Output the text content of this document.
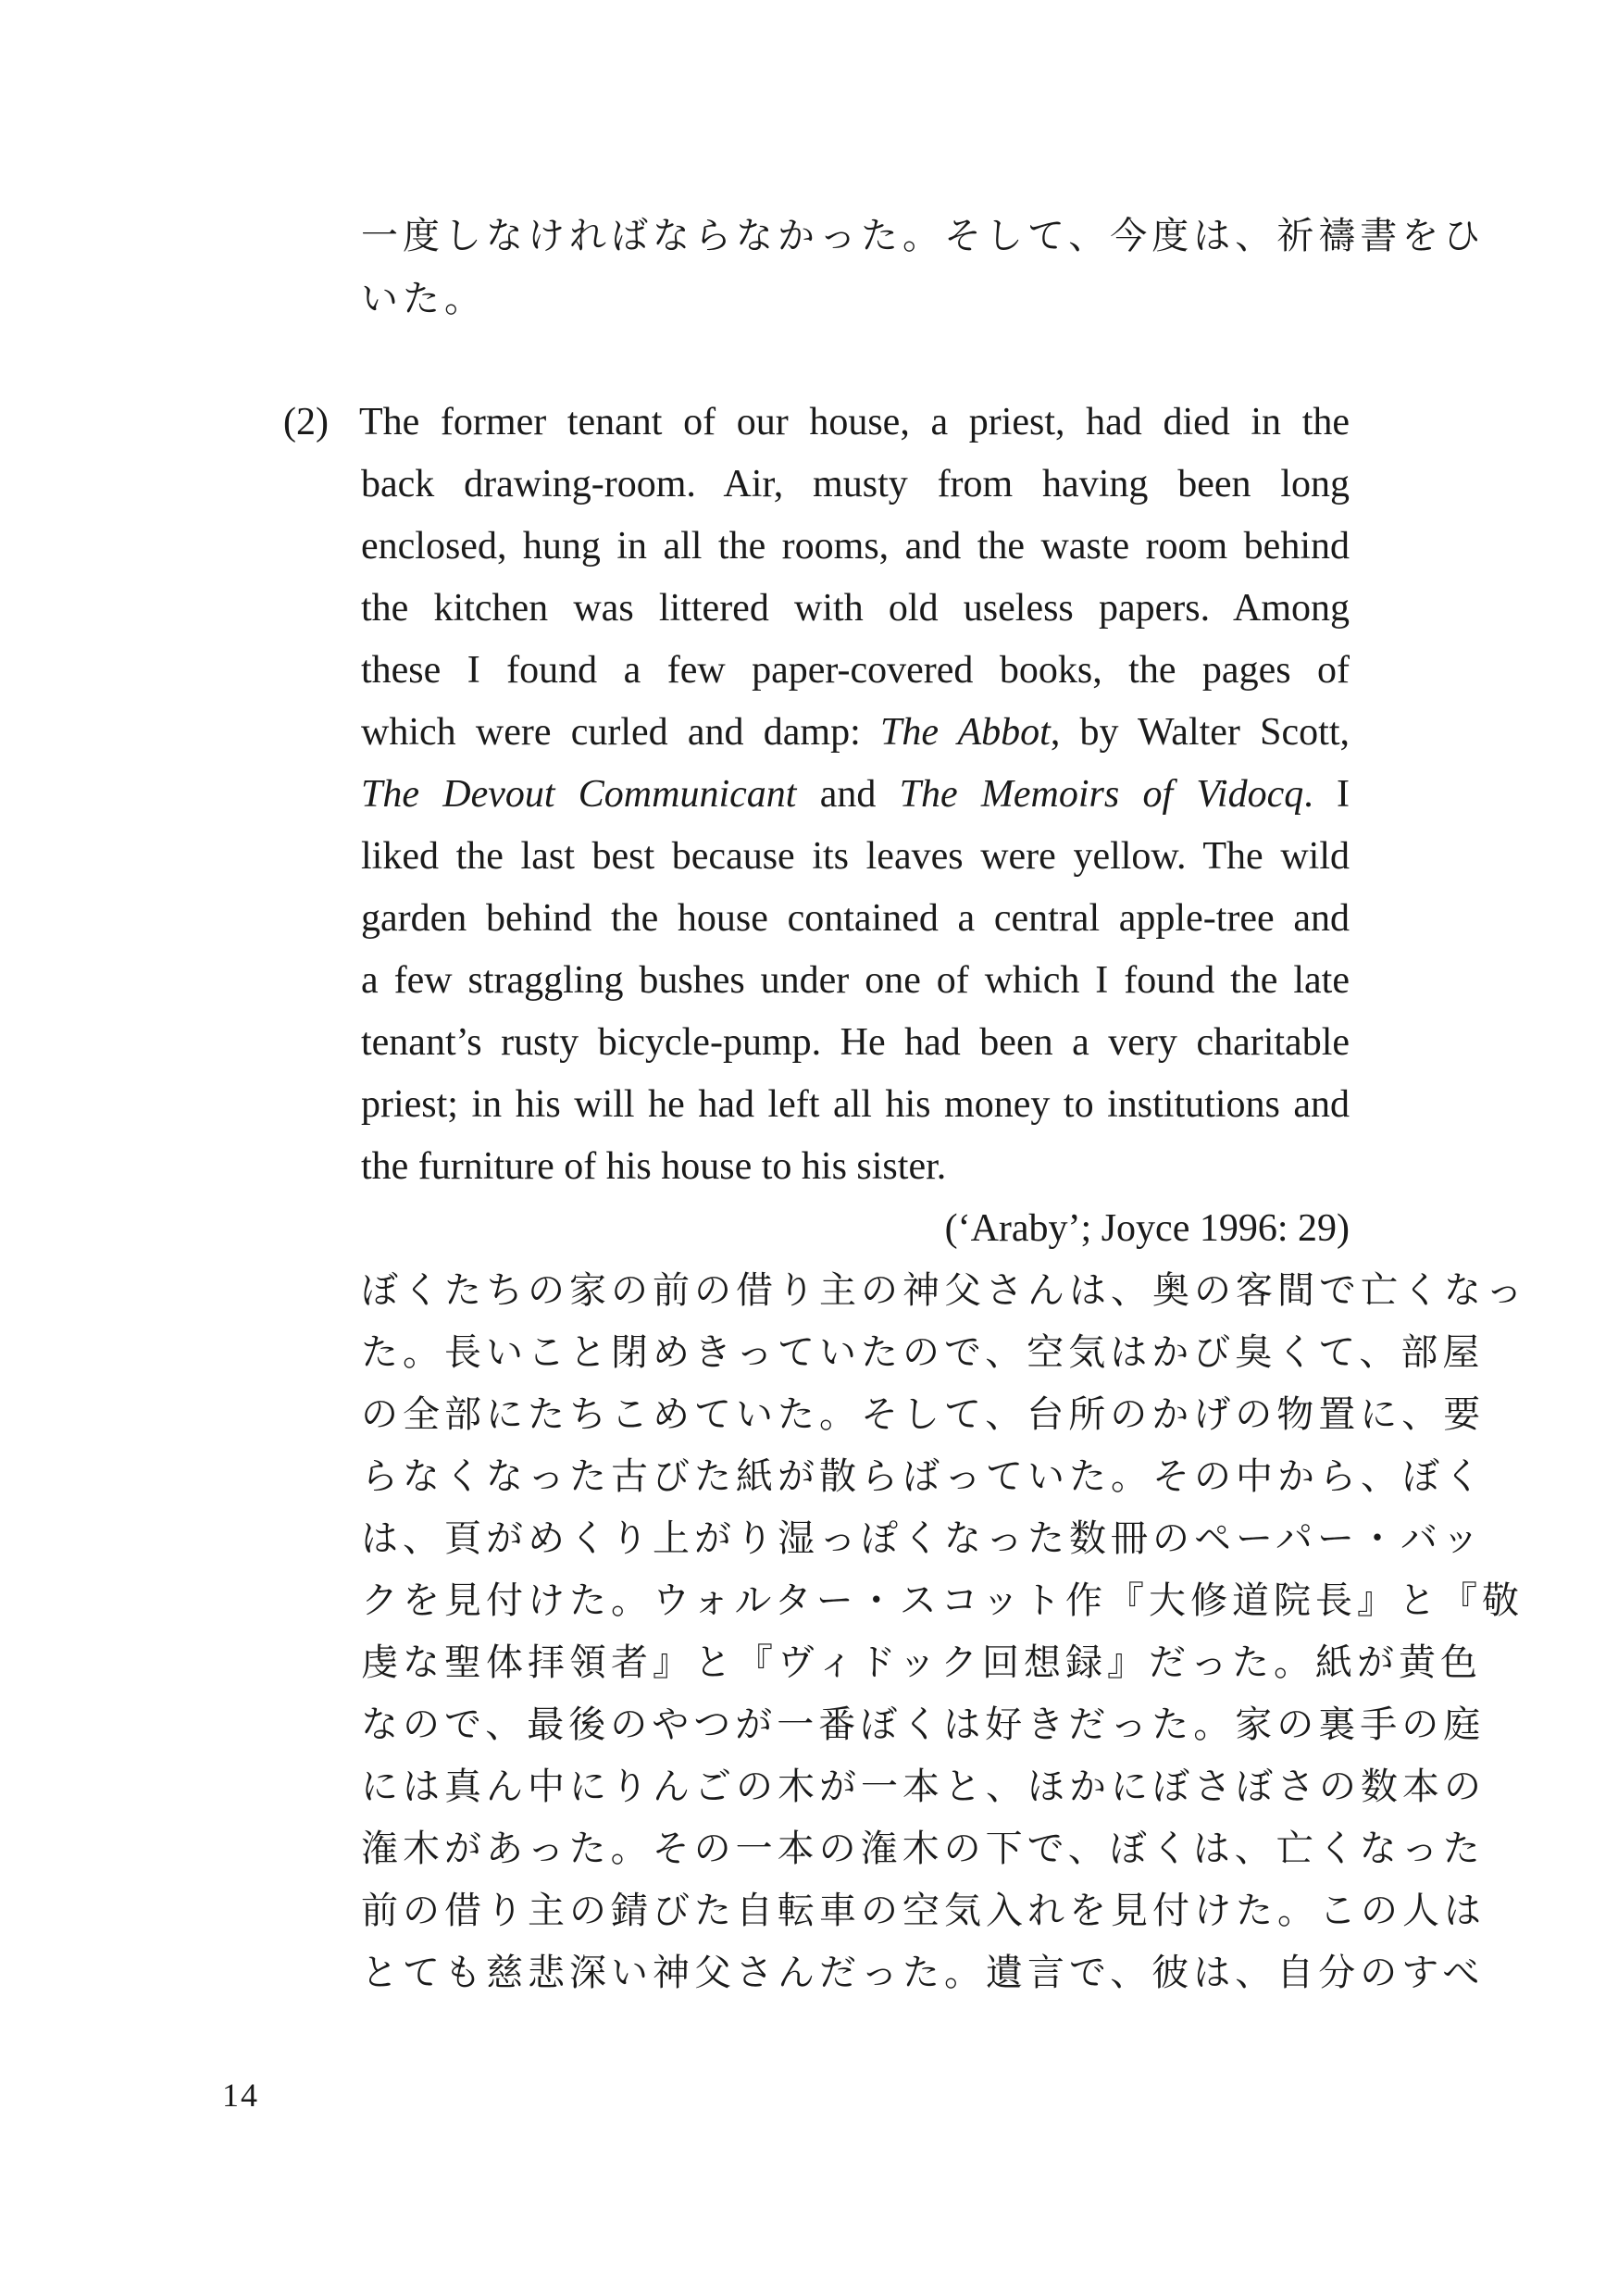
一度しなければならなかった。そして、今度は、祈禱書をひ
いた。
(2) The former tenant of our house, a priest, had died in the
back drawing-room. Air, musty from having been long
enclosed, hung in all the rooms, and the waste room behind
the kitchen was littered with old useless papers. Among
these I found a few paper-covered books, the pages of
which were curled and damp: The Abbot, by Walter Scott,
The Devout Communicant and The Memoirs of Vidocq. I
liked the last best because its leaves were yellow. The wild
garden behind the house contained a central apple-tree and
a few straggling bushes under one of which I found the late
tenant’s rusty bicycle-pump. He had been a very charitable
priest; in his will he had left all his money to institutions and
the furniture of his house to his sister.
(‘Araby’; Joyce 1996: 29)
ぼくたちの家の前の借り主の神父さんは、奥の客間で亡くなっ
た。長いこと閉めきっていたので、空気はかび臭くて、部屋
の全部にたちこめていた。そして、台所のかげの物置に、要
らなくなった古びた紙が散らばっていた。その中から、ぼく
は、頁がめくり上がり湿っぽくなった数冊のペーパー・バッ
クを見付けた。ウォルター・スコット作『大修道院長』と『敬
虔な聖体拝領者』と『ヴィドック回想録』だった。紙が黄色
なので、最後のやつが一番ぼくは好きだった。家の裏手の庭
には真ん中にりんごの木が一本と、ほかにぼさぼさの数本の
潅木があった。その一本の潅木の下で、ぼくは、亡くなった
前の借り主の錆びた自転車の空気入れを見付けた。この人は
とても慈悲深い神父さんだった。遺言で、彼は、自分のすべ
14
